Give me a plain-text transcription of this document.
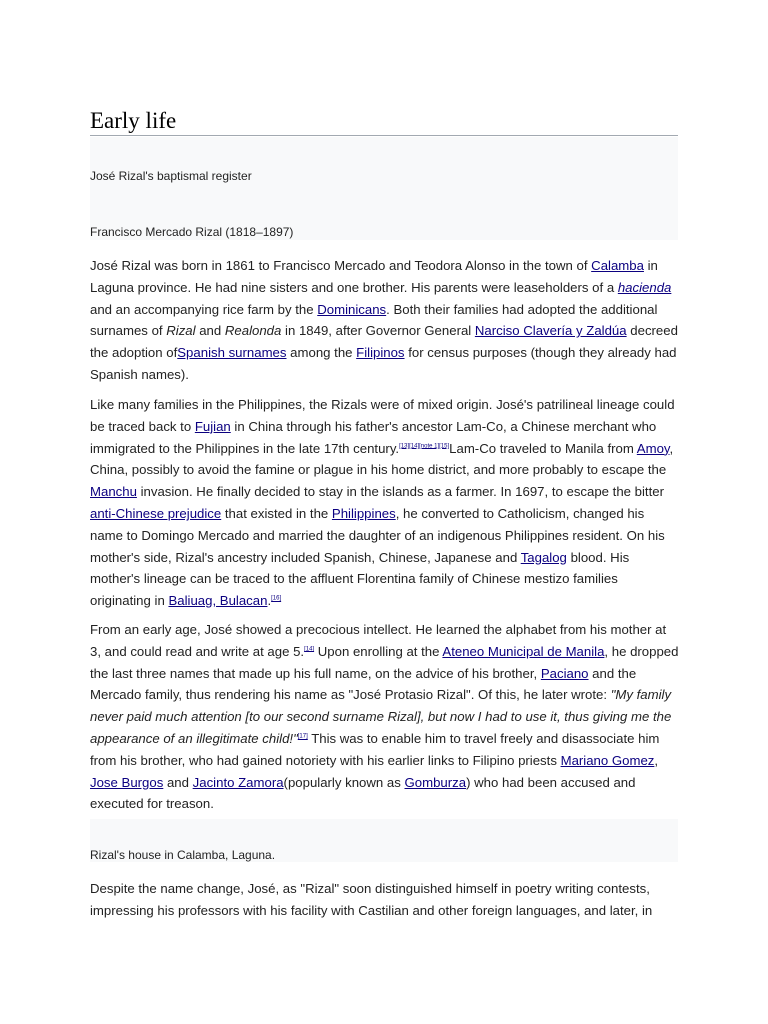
Early life
José Rizal's baptismal register
Francisco Mercado Rizal (1818–1897)

José Rizal was born in 1861 to Francisco Mercado and Teodora Alonso in the town of Calamba in Laguna province. He had nine sisters and one brother. His parents were leaseholders of a hacienda and an accompanying rice farm by the Dominicans. Both their families had adopted the additional surnames of Rizal and Realonda in 1849, after Governor General Narciso Clavería y Zaldúa decreed the adoption ofSpanish surnames among the Filipinos for census purposes (though they already had Spanish names).

Like many families in the Philippines, the Rizals were of mixed origin. José's patrilineal lineage could be traced back to Fujian in China through his father's ancestor Lam-Co, a Chinese merchant who immigrated to the Philippines in the late 17th century.[13][14][note 1][15]Lam-Co traveled to Manila from Amoy, China, possibly to avoid the famine or plague in his home district, and more probably to escape the Manchu invasion. He finally decided to stay in the islands as a farmer. In 1697, to escape the bitter anti-Chinese prejudice that existed in the Philippines, he converted to Catholicism, changed his name to Domingo Mercado and married the daughter of an indigenous Philippines resident. On his mother's side, Rizal's ancestry included Spanish, Chinese, Japanese and Tagalog blood. His mother's lineage can be traced to the affluent Florentina family of Chinese mestizo families originating in Baliuag, Bulacan.[16]

From an early age, José showed a precocious intellect. He learned the alphabet from his mother at 3, and could read and write at age 5.[14] Upon enrolling at the Ateneo Municipal de Manila, he dropped the last three names that made up his full name, on the advice of his brother, Paciano and the Mercado family, thus rendering his name as "José Protasio Rizal". Of this, he later wrote: "My family never paid much attention [to our second surname Rizal], but now I had to use it, thus giving me the appearance of an illegitimate child!"[17] This was to enable him to travel freely and disassociate him from his brother, who had gained notoriety with his earlier links to Filipino priests Mariano Gomez, Jose Burgos and Jacinto Zamora(popularly known as Gomburza) who had been accused and executed for treason.

Rizal's house in Calamba, Laguna.

Despite the name change, José, as "Rizal" soon distinguished himself in poetry writing contests, impressing his professors with his facility with Castilian and other foreign languages, and later, in
